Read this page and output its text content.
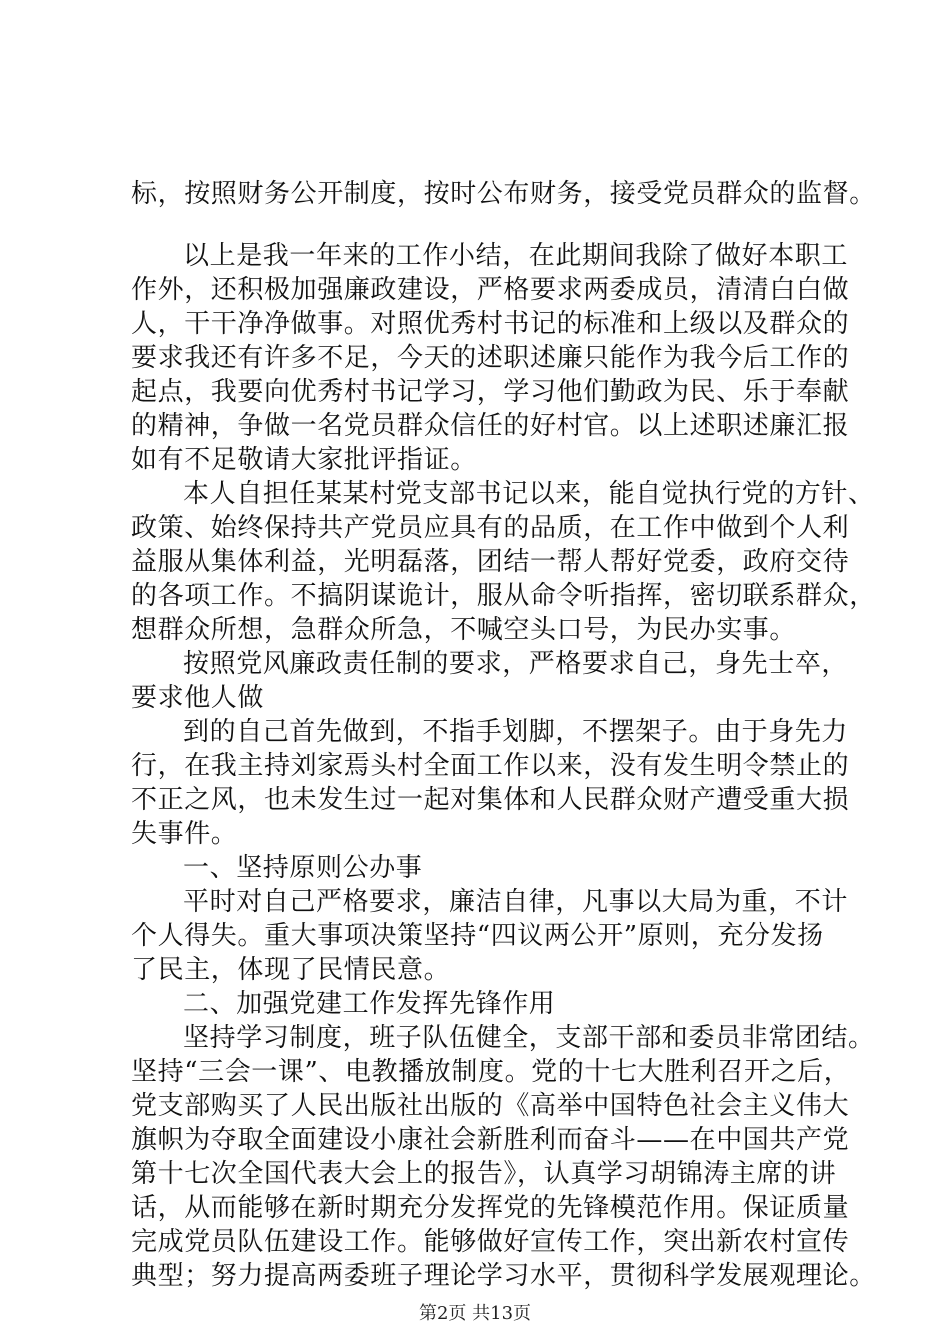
标，按照财务公开制度，按时公布财务，接受党员群众的监督。
以上是我一年来的工作小结，在此期间我除了做好本职工
作外，还积极加强廉政建设，严格要求两委成员，清清白白做
人，干干净净做事。对照优秀村书记的标准和上级以及群众的
要求我还有许多不足，今天的述职述廉只能作为我今后工作的
起点，我要向优秀村书记学习，学习他们勤政为民、乐于奉献
的精神，争做一名党员群众信任的好村官。以上述职述廉汇报
如有不足敬请大家批评指证。
本人自担任某某村党支部书记以来，能自觉执行党的方针、
政策、始终保持共产党员应具有的品质，在工作中做到个人利
益服从集体利益，光明磊落，团结一帮人帮好党委，政府交待
的各项工作。不搞阴谋诡计，服从命令听指挥，密切联系群众，
想群众所想，急群众所急，不喊空头口号，为民办实事。
按照党风廉政责任制的要求，严格要求自己，身先士卒，
要求他人做
到的自己首先做到，不指手划脚，不摆架子。由于身先力
行，在我主持刘家焉头村全面工作以来，没有发生明令禁止的
不正之风，也未发生过一起对集体和人民群众财产遭受重大损
失事件。
一、坚持原则公办事
平时对自己严格要求，廉洁自律，凡事以大局为重，不计
个人得失。重大事项决策坚持“四议两公开”原则，充分发扬
了民主，体现了民情民意。
二、加强党建工作发挥先锋作用
坚持学习制度，班子队伍健全，支部干部和委员非常团结。
坚持“三会一课”、电教播放制度。党的十七大胜利召开之后，
党支部购买了人民出版社出版的《高举中国特色社会主义伟大
旗帜为夺取全面建设小康社会新胜利而奋斗——在中国共产党
第十七次全国代表大会上的报告》，认真学习胡锦涛主席的讲
话，从而能够在新时期充分发挥党的先锋模范作用。保证质量
完成党员队伍建设工作。能够做好宣传工作，突出新农村宣传
典型；努力提高两委班子理论学习水平，贯彻科学发展观理论。
第2页 共13页
